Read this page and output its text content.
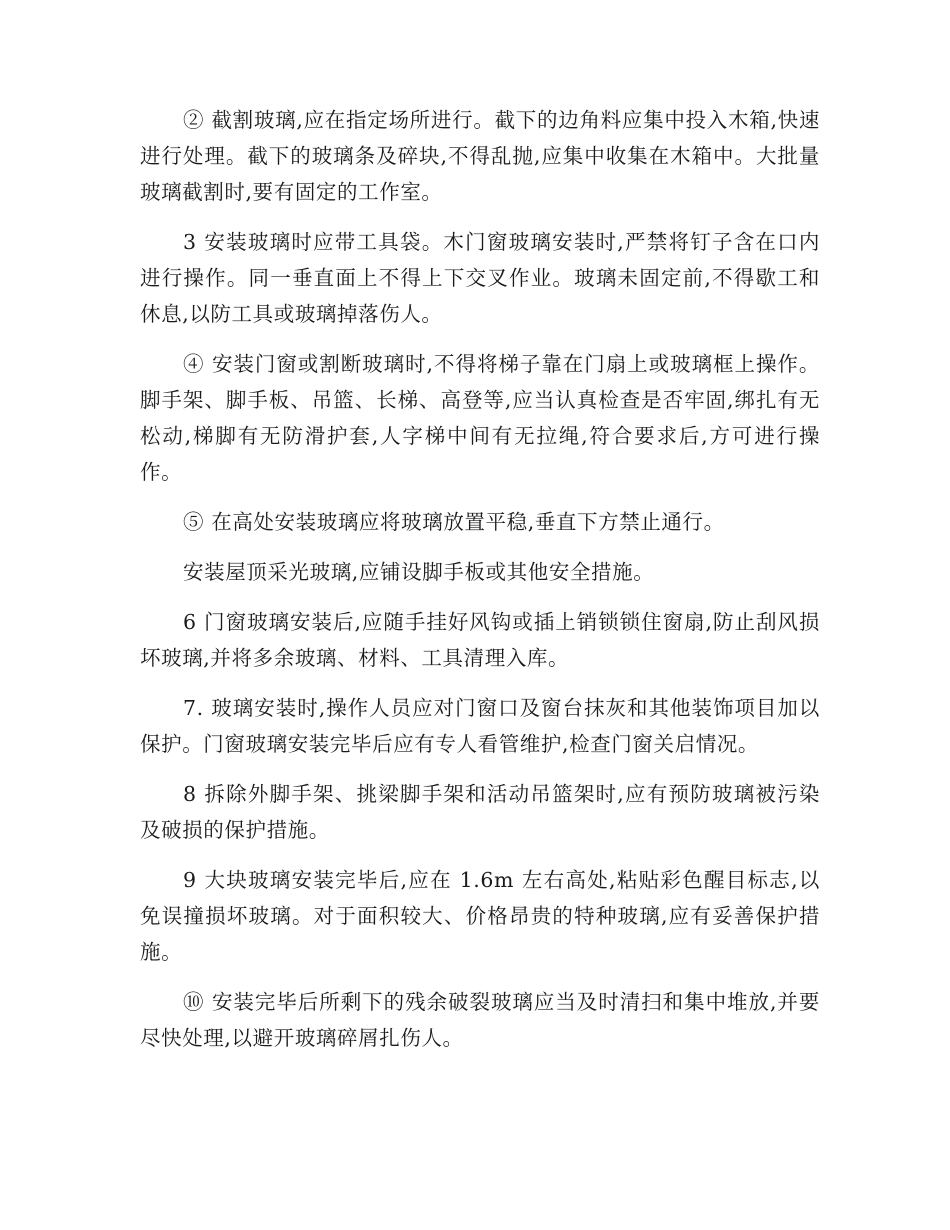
② 截割玻璃,应在指定场所进行。截下的边角料应集中投入木箱,快速进行处理。截下的玻璃条及碎块,不得乱抛,应集中收集在木箱中。大批量玻璃截割时,要有固定的工作室。

3 安装玻璃时应带工具袋。木门窗玻璃安装时,严禁将钉子含在口内进行操作。同一垂直面上不得上下交叉作业。玻璃未固定前,不得歇工和休息,以防工具或玻璃掉落伤人。

④ 安装门窗或割断玻璃时,不得将梯子靠在门扇上或玻璃框上操作。脚手架、脚手板、吊篮、长梯、高登等,应当认真检查是否牢固,绑扎有无松动,梯脚有无防滑护套,人字梯中间有无拉绳,符合要求后,方可进行操作。

⑤ 在高处安装玻璃应将玻璃放置平稳,垂直下方禁止通行。

安装屋顶采光玻璃,应铺设脚手板或其他安全措施。

6 门窗玻璃安装后,应随手挂好风钩或插上销锁锁住窗扇,防止刮风损坏玻璃,并将多余玻璃、材料、工具清理入库。

7. 玻璃安装时,操作人员应对门窗口及窗台抹灰和其他装饰项目加以保护。门窗玻璃安装完毕后应有专人看管维护,检查门窗关启情况。

8 拆除外脚手架、挑梁脚手架和活动吊篮架时,应有预防玻璃被污染及破损的保护措施。

9 大块玻璃安装完毕后,应在 1.6m 左右高处,粘贴彩色醒目标志,以免误撞损坏玻璃。对于面积较大、价格昂贵的特种玻璃,应有妥善保护措施。

⑩ 安装完毕后所剩下的残余破裂玻璃应当及时清扫和集中堆放,并要尽快处理,以避开玻璃碎屑扎伤人。
